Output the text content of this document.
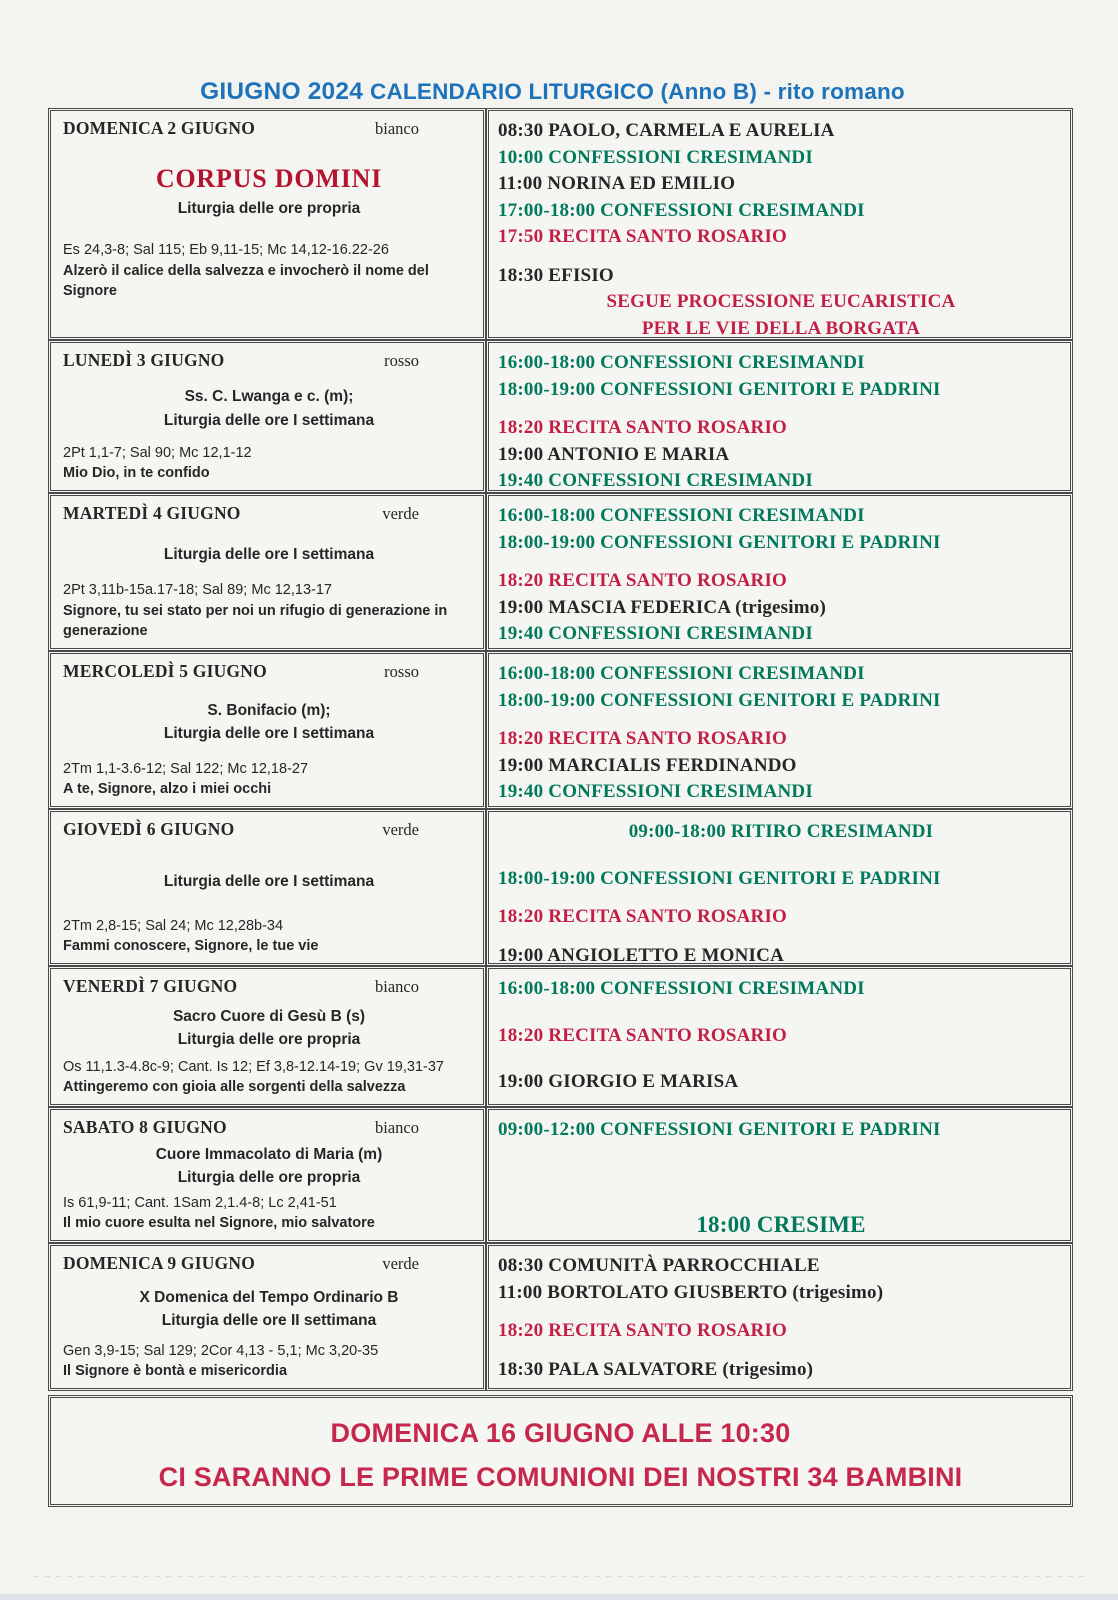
GIUGNO 2024 CALENDARIO LITURGICO (Anno B) - rito romano
DOMENICA 2 GIUGNO	bianco
CORPUS DOMINI
Liturgia delle ore propria
Es 24,3-8; Sal 115; Eb 9,11-15; Mc 14,12-16.22-26
Alzerò il calice della salvezza e invocherò il nome del Signore
08:30 PAOLO, CARMELA E AURELIA
10:00 CONFESSIONI CRESIMANDI
11:00 NORINA ED EMILIO
17:00-18:00 CONFESSIONI CRESIMANDI
17:50 RECITA SANTO ROSARIO
18:30 EFISIO
SEGUE PROCESSIONE EUCARISTICA
PER LE VIE DELLA BORGATA
LUNEDÌ 3 GIUGNO	rosso
Ss. C. Lwanga e c. (m);
Liturgia delle ore I settimana
2Pt 1,1-7; Sal 90; Mc 12,1-12
Mio Dio, in te confido
16:00-18:00 CONFESSIONI CRESIMANDI
18:00-19:00 CONFESSIONI GENITORI E PADRINI
18:20 RECITA SANTO ROSARIO
19:00 ANTONIO E MARIA
19:40 CONFESSIONI CRESIMANDI
MARTEDÌ 4 GIUGNO	verde
Liturgia delle ore I settimana
2Pt 3,11b-15a.17-18; Sal 89; Mc 12,13-17
Signore, tu sei stato per noi un rifugio di generazione in generazione
16:00-18:00 CONFESSIONI CRESIMANDI
18:00-19:00 CONFESSIONI GENITORI E PADRINI
18:20 RECITA SANTO ROSARIO
19:00 MASCIA FEDERICA (trigesimo)
19:40 CONFESSIONI CRESIMANDI
MERCOLEDÌ 5 GIUGNO	rosso
S. Bonifacio (m);
Liturgia delle ore I settimana
2Tm 1,1-3.6-12; Sal 122; Mc 12,18-27
A te, Signore, alzo i miei occhi
16:00-18:00 CONFESSIONI CRESIMANDI
18:00-19:00 CONFESSIONI GENITORI E PADRINI
18:20 RECITA SANTO ROSARIO
19:00 MARCIALIS FERDINANDO
19:40 CONFESSIONI CRESIMANDI
GIOVEDÌ 6 GIUGNO	verde
Liturgia delle ore I settimana
2Tm 2,8-15; Sal 24; Mc 12,28b-34
Fammi conoscere, Signore, le tue vie
09:00-18:00 RITIRO CRESIMANDI
18:00-19:00 CONFESSIONI GENITORI E PADRINI
18:20 RECITA SANTO ROSARIO
19:00 ANGIOLETTO E MONICA
VENERDÌ 7 GIUGNO	bianco
Sacro Cuore di Gesù B (s)
Liturgia delle ore propria
Os 11,1.3-4.8c-9; Cant. Is 12; Ef 3,8-12.14-19; Gv 19,31-37
Attingeremo con gioia alle sorgenti della salvezza
16:00-18:00 CONFESSIONI CRESIMANDI
18:20 RECITA SANTO ROSARIO
19:00 GIORGIO E MARISA
SABATO 8 GIUGNO	bianco
Cuore Immacolato di Maria (m)
Liturgia delle ore propria
Is 61,9-11; Cant. 1Sam 2,1.4-8; Lc 2,41-51
Il mio cuore esulta nel Signore, mio salvatore
09:00-12:00 CONFESSIONI GENITORI E PADRINI
18:00 CRESIME
DOMENICA 9 GIUGNO	verde
X Domenica del Tempo Ordinario B
Liturgia delle ore II settimana
Gen 3,9-15; Sal 129; 2Cor 4,13 - 5,1; Mc 3,20-35
Il Signore è bontà e misericordia
08:30 COMUNITÀ PARROCCHIALE
11:00 BORTOLATO GIUSBERTO (trigesimo)
18:20 RECITA SANTO ROSARIO
18:30 PALA SALVATORE (trigesimo)
DOMENICA 16 GIUGNO ALLE 10:30
CI SARANNO LE PRIME COMUNIONI DEI NOSTRI 34 BAMBINI
